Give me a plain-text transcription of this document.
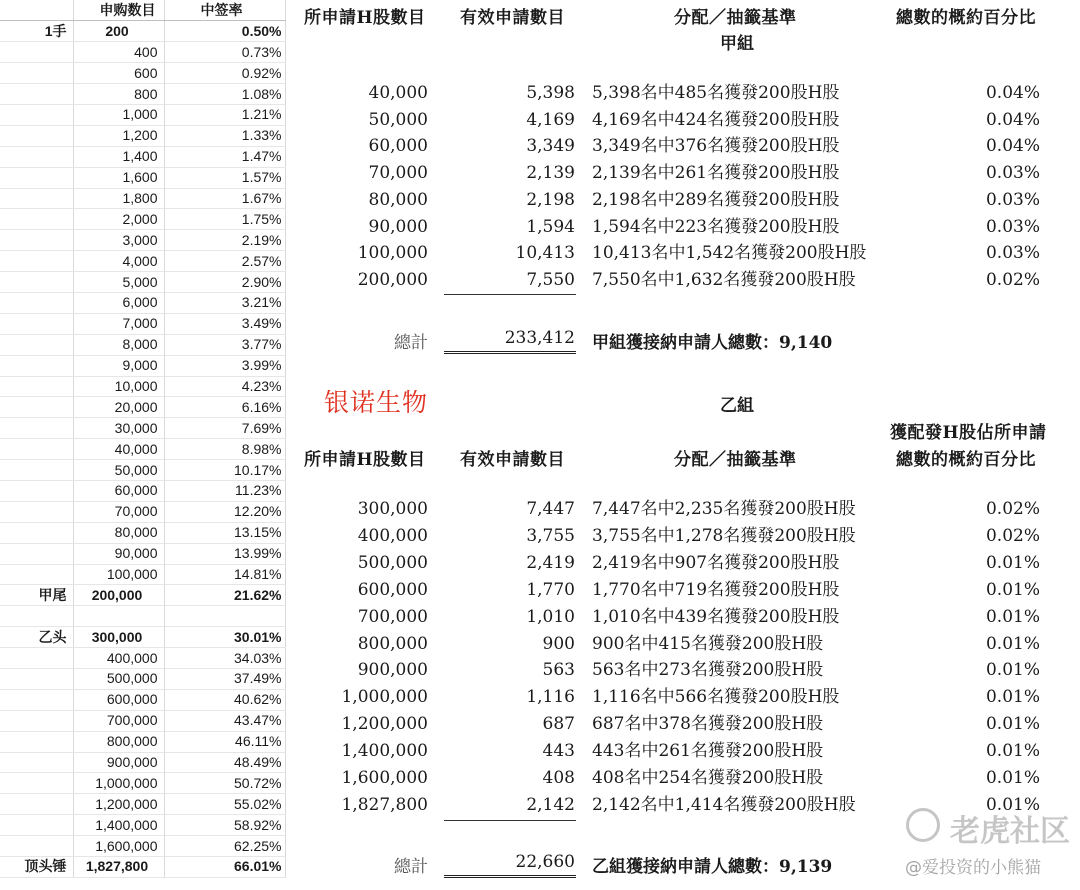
	申购数目	中签率
1手	200	0.50%
	400	0.73%
	600	0.92%
	800	1.08%
	1,000	1.21%
	1,200	1.33%
	1,400	1.47%
	1,600	1.57%
	1,800	1.67%
	2,000	1.75%
	3,000	2.19%
	4,000	2.57%
	5,000	2.90%
	6,000	3.21%
	7,000	3.49%
	8,000	3.77%
	9,000	3.99%
	10,000	4.23%
	20,000	6.16%
	30,000	7.69%
	40,000	8.98%
	50,000	10.17%
	60,000	11.23%
	70,000	12.20%
	80,000	13.15%
	90,000	13.99%
	100,000	14.81%
甲尾	200,000	21.62%

乙头	300,000	30.01%
	400,000	34.03%
	500,000	37.49%
	600,000	40.62%
	700,000	43.47%
	800,000	46.11%
	900,000	48.49%
	1,000,000	50.72%
	1,200,000	55.02%
	1,400,000	58.92%
	1,600,000	62.25%
顶头锤	1,827,800	66.01%
所申請H股數目 有效申請數目	分配／抽籤基準	總數的概約百分比
甲組
40,000	5,398 5,398名中485名獲發200股H股	0.04%
50,000	4,169 4,169名中424名獲發200股H股	0.04%
60,000	3,349 3,349名中376名獲發200股H股	0.04%
70,000	2,139 2,139名中261名獲發200股H股	0.03%
80,000	2,198 2,198名中289名獲發200股H股	0.03%
90,000	1,594 1,594名中223名獲發200股H股	0.03%
100,000	10,413 10,413名中1,542名獲發200股H股	0.03%
200,000	7,550 7,550名中1,632名獲發200股H股	0.02%
總計	233,412 甲組獲接納申請人總數：9,140
银诺生物	乙組
獲配發H股佔所申請
所申請H股數目 有效申請數目	分配／抽籤基準	總數的概約百分比
300,000	7,447 7,447名中2,235名獲發200股H股	0.02%
400,000	3,755 3,755名中1,278名獲發200股H股	0.02%
500,000	2,419 2,419名中907名獲發200股H股	0.01%
600,000	1,770 1,770名中719名獲發200股H股	0.01%
700,000	1,010 1,010名中439名獲發200股H股	0.01%
800,000	900 900名中415名獲發200股H股	0.01%
900,000	563 563名中273名獲發200股H股	0.01%
1,000,000	1,116 1,116名中566名獲發200股H股	0.01%
1,200,000	687 687名中378名獲發200股H股	0.01%
1,400,000	443 443名中261名獲發200股H股	0.01%
1,600,000	408 408名中254名獲發200股H股	0.01%
1,827,800	2,142 2,142名中1,414名獲發200股H股	0.01%
總計	22,660 乙組獲接納申請人總數：9,139
老虎社区
@爱投资的小熊猫
